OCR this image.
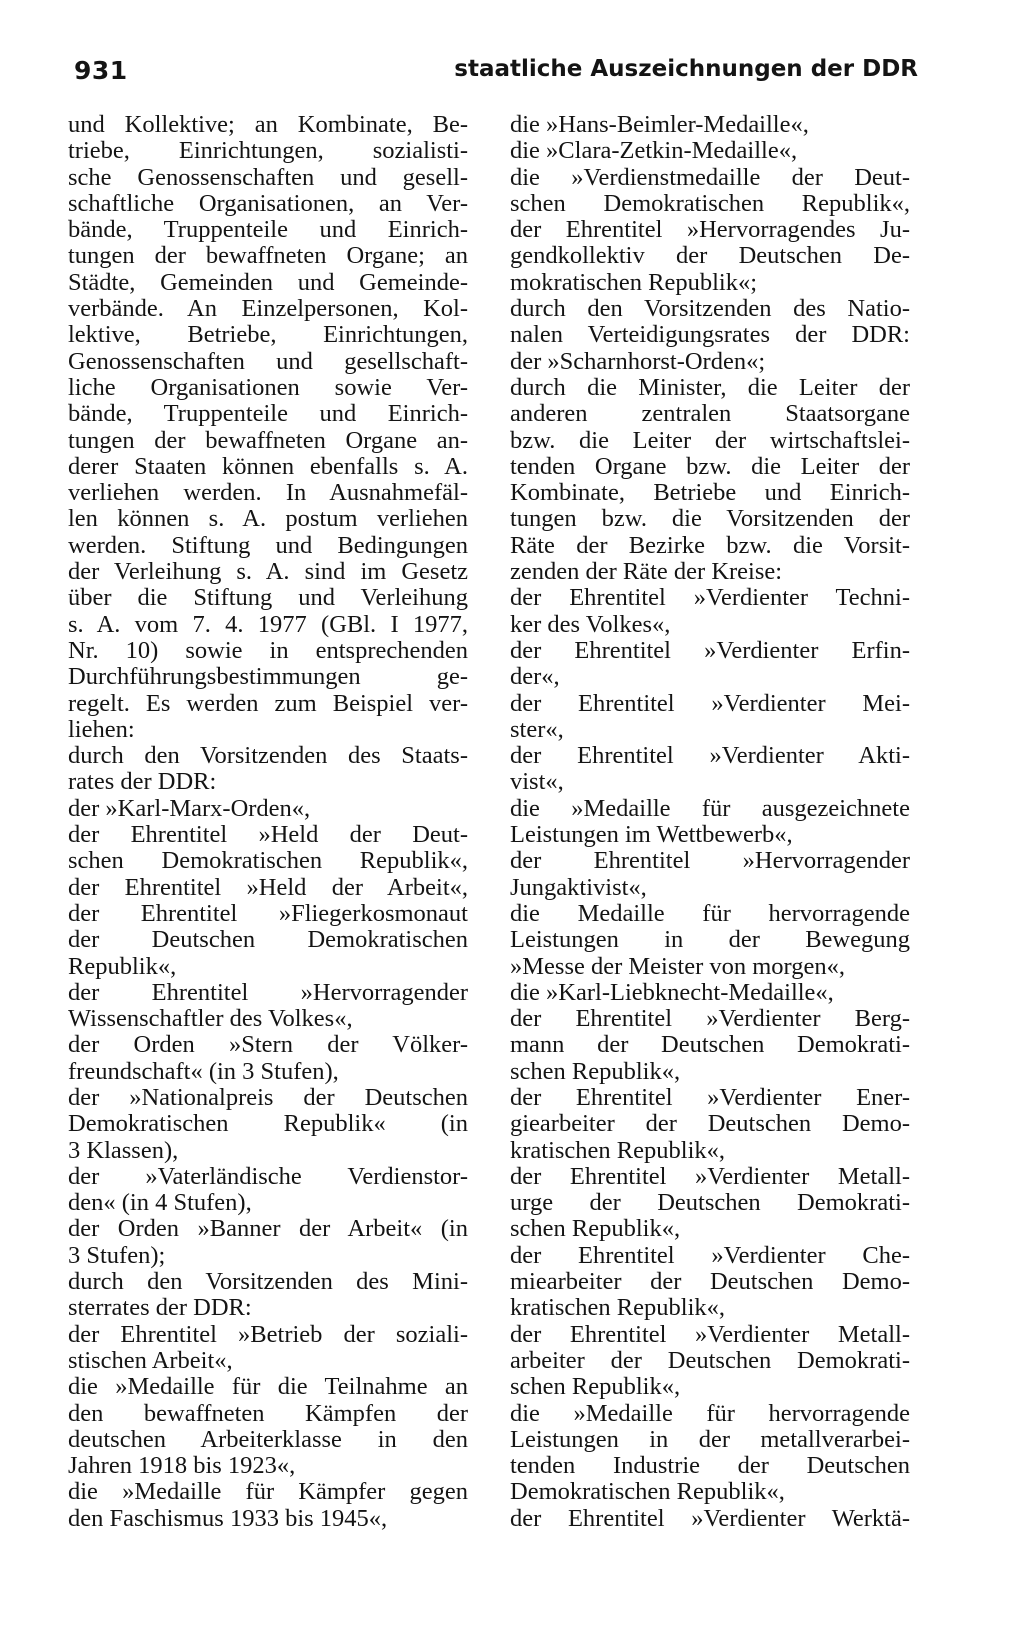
931	staatliche Auszeichnungen der DDR
und Kollektive; an Kombinate, Be-
triebe, Einrichtungen, sozialisti-
sche Genossenschaften und gesell-
schaftliche Organisationen, an Ver-
bände, Truppenteile und Einrich-
tungen der bewaffneten Organe; an
Städte, Gemeinden und Gemeinde-
verbände. An Einzelpersonen, Kol-
lektive, Betriebe, Einrichtungen,
Genossenschaften und gesellschaft-
liche Organisationen sowie Ver-
bände, Truppenteile und Einrich-
tungen der bewaffneten Organe an-
derer Staaten können ebenfalls s. A.
verliehen werden. In Ausnahmefäl-
len können s. A. postum verliehen
werden. Stiftung und Bedingungen
der Verleihung s. A. sind im Gesetz
über die Stiftung und Verleihung
s. A. vom 7. 4. 1977 (GBl. I 1977,
Nr. 10) sowie in entsprechenden
Durchführungsbestimmungen ge-
regelt. Es werden zum Beispiel ver-
liehen:
durch den Vorsitzenden des Staats-
rates der DDR:
der »Karl-Marx-Orden«,
der Ehrentitel »Held der Deut-
schen Demokratischen Republik«,
der Ehrentitel »Held der Arbeit«,
der Ehrentitel »Fliegerkosmonaut
der Deutschen Demokratischen
Republik«,
der Ehrentitel »Hervorragender
Wissenschaftler des Volkes«,
der Orden »Stern der Völker-
freundschaft« (in 3 Stufen),
der »Nationalpreis der Deutschen
Demokratischen Republik« (in
3 Klassen),
der »Vaterländische Verdienstor-
den« (in 4 Stufen),
der Orden »Banner der Arbeit« (in
3 Stufen);
durch den Vorsitzenden des Mini-
sterrates der DDR:
der Ehrentitel »Betrieb der soziali-
stischen Arbeit«,
die »Medaille für die Teilnahme an
den bewaffneten Kämpfen der
deutschen Arbeiterklasse in den
Jahren 1918 bis 1923«,
die »Medaille für Kämpfer gegen
den Faschismus 1933 bis 1945«,
die »Hans-Beimler-Medaille«,
die »Clara-Zetkin-Medaille«,
die »Verdienstmedaille der Deut-
schen Demokratischen Republik«,
der Ehrentitel »Hervorragendes Ju-
gendkollektiv der Deutschen De-
mokratischen Republik«;
durch den Vorsitzenden des Natio-
nalen Verteidigungsrates der DDR:
der »Scharnhorst-Orden«;
durch die Minister, die Leiter der
anderen zentralen Staatsorgane
bzw. die Leiter der wirtschaftslei-
tenden Organe bzw. die Leiter der
Kombinate, Betriebe und Einrich-
tungen bzw. die Vorsitzenden der
Räte der Bezirke bzw. die Vorsit-
zenden der Räte der Kreise:
der Ehrentitel »Verdienter Techni-
ker des Volkes«,
der Ehrentitel »Verdienter Erfin-
der«,
der Ehrentitel »Verdienter Mei-
ster«,
der Ehrentitel »Verdienter Akti-
vist«,
die »Medaille für ausgezeichnete
Leistungen im Wettbewerb«,
der Ehrentitel »Hervorragender
Jungaktivist«,
die Medaille für hervorragende
Leistungen in der Bewegung
»Messe der Meister von morgen«,
die »Karl-Liebknecht-Medaille«,
der Ehrentitel »Verdienter Berg-
mann der Deutschen Demokrati-
schen Republik«,
der Ehrentitel »Verdienter Ener-
giearbeiter der Deutschen Demo-
kratischen Republik«,
der Ehrentitel »Verdienter Metall-
urge der Deutschen Demokrati-
schen Republik«,
der Ehrentitel »Verdienter Che-
miearbeiter der Deutschen Demo-
kratischen Republik«,
der Ehrentitel »Verdienter Metall-
arbeiter der Deutschen Demokrati-
schen Republik«,
die »Medaille für hervorragende
Leistungen in der metallverarbei-
tenden Industrie der Deutschen
Demokratischen Republik«,
der Ehrentitel »Verdienter Werktä-
